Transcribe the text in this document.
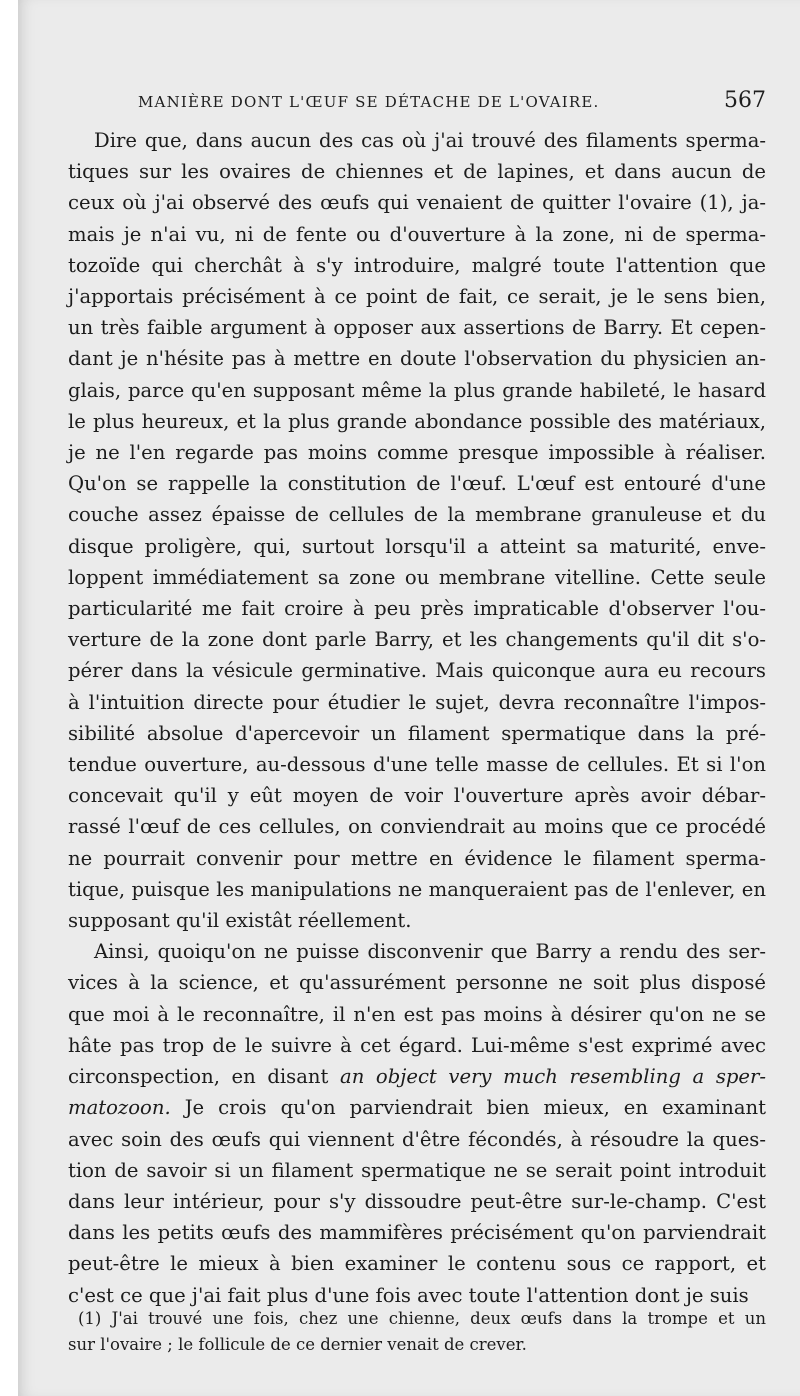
MANIÈRE DONT L'ŒUF SE DÉTACHE DE L'OVAIRE.	567

Dire que, dans aucun des cas où j'ai trouvé des filaments sperma-
tiques sur les ovaires de chiennes et de lapines, et dans aucun de
ceux où j'ai observé des œufs qui venaient de quitter l'ovaire (1), ja-
mais je n'ai vu, ni de fente ou d'ouverture à la zone, ni de sperma-
tozoïde qui cherchât à s'y introduire, malgré toute l'attention que
j'apportais précisément à ce point de fait, ce serait, je le sens bien,
un très faible argument à opposer aux assertions de Barry. Et cepen-
dant je n'hésite pas à mettre en doute l'observation du physicien an-
glais, parce qu'en supposant même la plus grande habileté, le hasard
le plus heureux, et la plus grande abondance possible des matériaux,
je ne l'en regarde pas moins comme presque impossible à réaliser.
Qu'on se rappelle la constitution de l'œuf. L'œuf est entouré d'une
couche assez épaisse de cellules de la membrane granuleuse et du
disque proligère, qui, surtout lorsqu'il a atteint sa maturité, enve-
loppent immédiatement sa zone ou membrane vitelline. Cette seule
particularité me fait croire à peu près impraticable d'observer l'ou-
verture de la zone dont parle Barry, et les changements qu'il dit s'o-
pérer dans la vésicule germinative. Mais quiconque aura eu recours
à l'intuition directe pour étudier le sujet, devra reconnaître l'impos-
sibilité absolue d'apercevoir un filament spermatique dans la pré-
tendue ouverture, au-dessous d'une telle masse de cellules. Et si l'on
concevait qu'il y eût moyen de voir l'ouverture après avoir débar-
rassé l'œuf de ces cellules, on conviendrait au moins que ce procédé
ne pourrait convenir pour mettre en évidence le filament sperma-
tique, puisque les manipulations ne manqueraient pas de l'enlever, en
supposant qu'il existât réellement.

Ainsi, quoiqu'on ne puisse disconvenir que Barry a rendu des ser-
vices à la science, et qu'assurément personne ne soit plus disposé
que moi à le reconnaître, il n'en est pas moins à désirer qu'on ne se
hâte pas trop de le suivre à cet égard. Lui-même s'est exprimé avec
circonspection, en disant an object very much resembling a sper-
matozoon. Je crois qu'on parviendrait bien mieux, en examinant
avec soin des œufs qui viennent d'être fécondés, à résoudre la ques-
tion de savoir si un filament spermatique ne se serait point introduit
dans leur intérieur, pour s'y dissoudre peut-être sur-le-champ. C'est
dans les petits œufs des mammifères précisément qu'on parviendrait
peut-être le mieux à bien examiner le contenu sous ce rapport, et
c'est ce que j'ai fait plus d'une fois avec toute l'attention dont je suis

(1) J'ai trouvé une fois, chez une chienne, deux œufs dans la trompe et un
sur l'ovaire ; le follicule de ce dernier venait de crever.
